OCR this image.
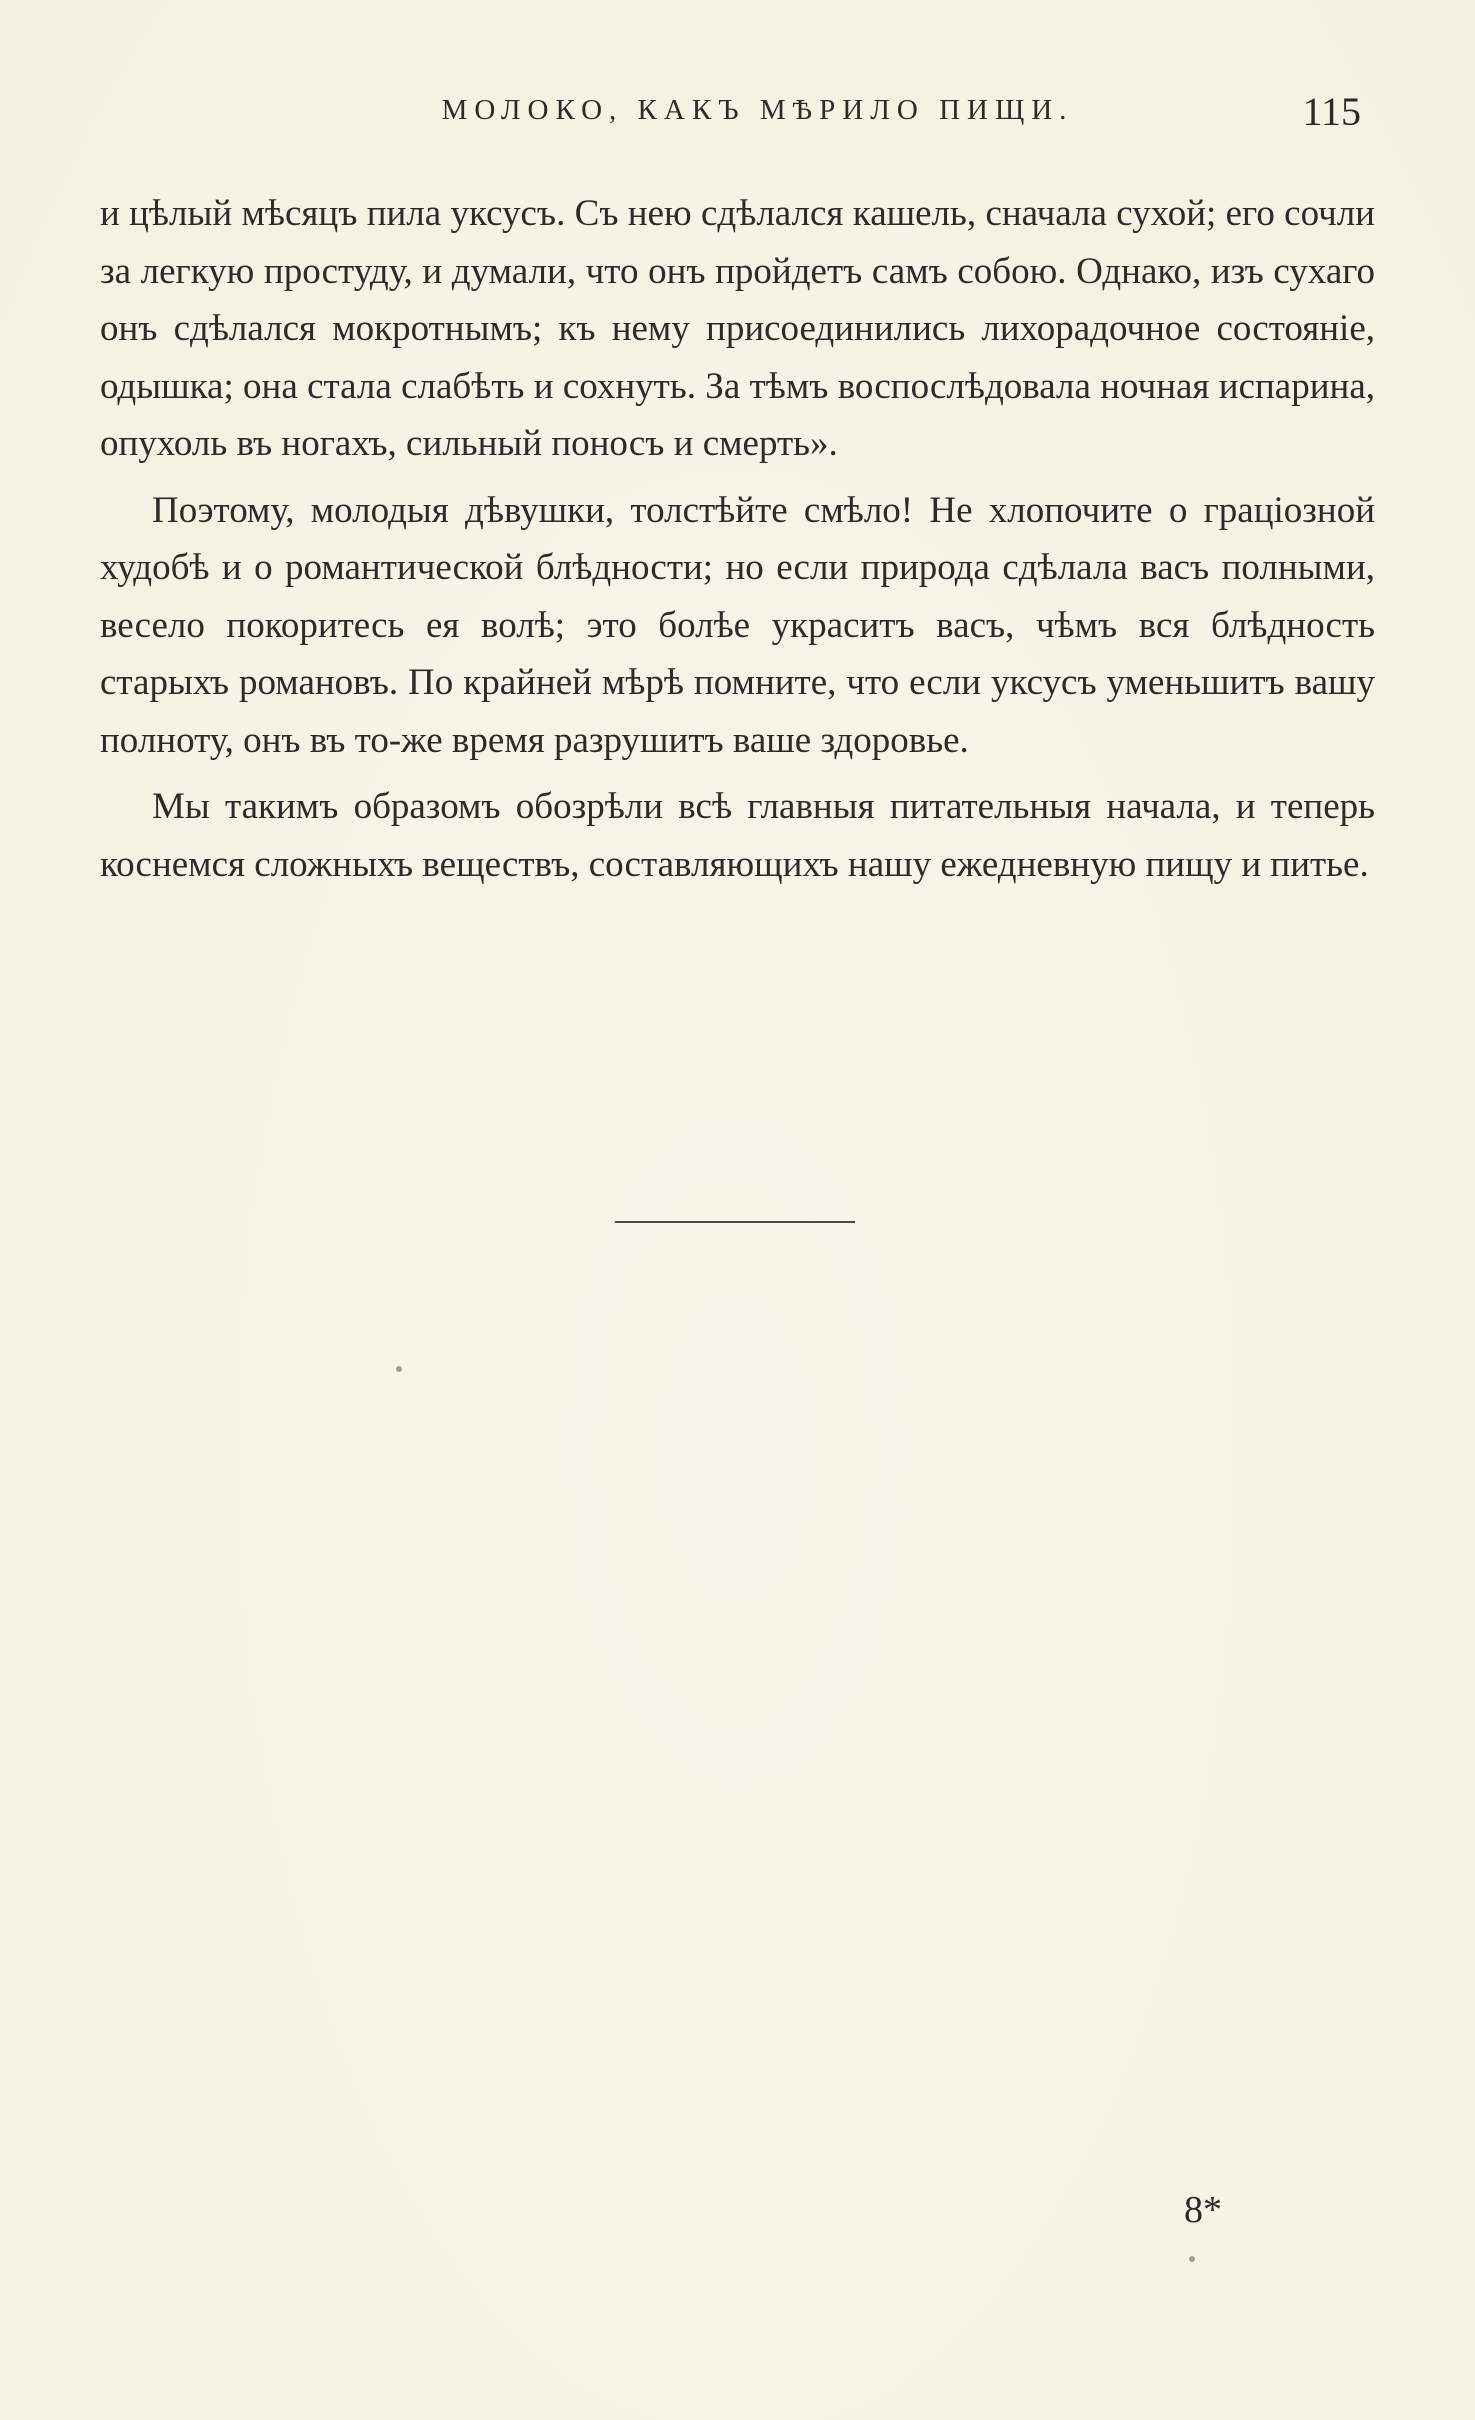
МОЛОКО, КАКЪ МѢРИЛО ПИЩИ.	115

и цѣлый мѣсяцъ пила уксусъ. Съ нею сдѣлался кашель, сначала сухой; его сочли за легкую простуду, и думали, что онъ пройдетъ самъ собою. Однако, изъ сухаго онъ сдѣлался мокротнымъ; къ нему присоединились лихорадочное состояніе, одышка; она стала слабѣть и сохнуть. За тѣмъ воспослѣдовала ночная испарина, опухоль въ ногахъ, сильный поносъ и смерть».

Поэтому, молодыя дѣвушки, толстѣйте смѣло! Не хлопочите о граціозной худобѣ и о романтической блѣдности; но если природа сдѣлала васъ полными, весело покоритесь ея волѣ; это болѣе украситъ васъ, чѣмъ вся блѣдность старыхъ романовъ. По крайней мѣрѣ помните, что если уксусъ уменьшитъ вашу полноту, онъ въ то-же время разрушитъ ваше здоровье.

Мы такимъ образомъ обозрѣли всѣ главныя питательныя начала, и теперь коснемся сложныхъ веществъ, составляющихъ нашу ежедневную пищу и питье.

8*
